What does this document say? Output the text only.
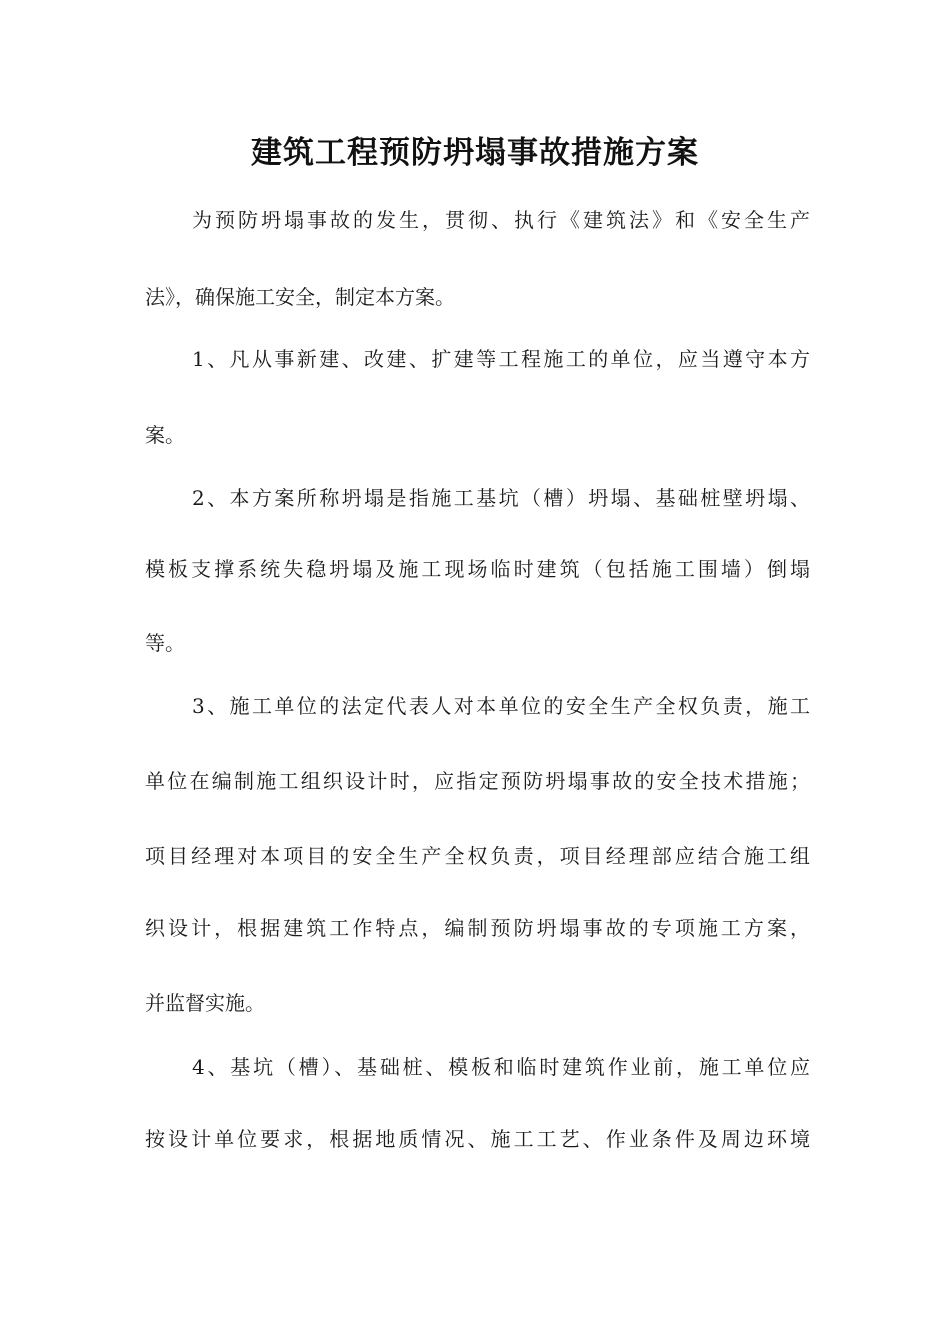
建筑工程预防坍塌事故措施方案
为预防坍塌事故的发生，贯彻、执行《建筑法》和《安全生产
法》，确保施工安全，制定本方案。
1、凡从事新建、改建、扩建等工程施工的单位，应当遵守本方
案。
2、本方案所称坍塌是指施工基坑（槽）坍塌、基础桩壁坍塌、
模板支撑系统失稳坍塌及施工现场临时建筑（包括施工围墙）倒塌
等。
3、施工单位的法定代表人对本单位的安全生产全权负责，施工
单位在编制施工组织设计时，应指定预防坍塌事故的安全技术措施；
项目经理对本项目的安全生产全权负责，项目经理部应结合施工组
织设计，根据建筑工作特点，编制预防坍塌事故的专项施工方案，
并监督实施。
4、基坑（槽）、基础桩、模板和临时建筑作业前，施工单位应
按设计单位要求，根据地质情况、施工工艺、作业条件及周边环境
